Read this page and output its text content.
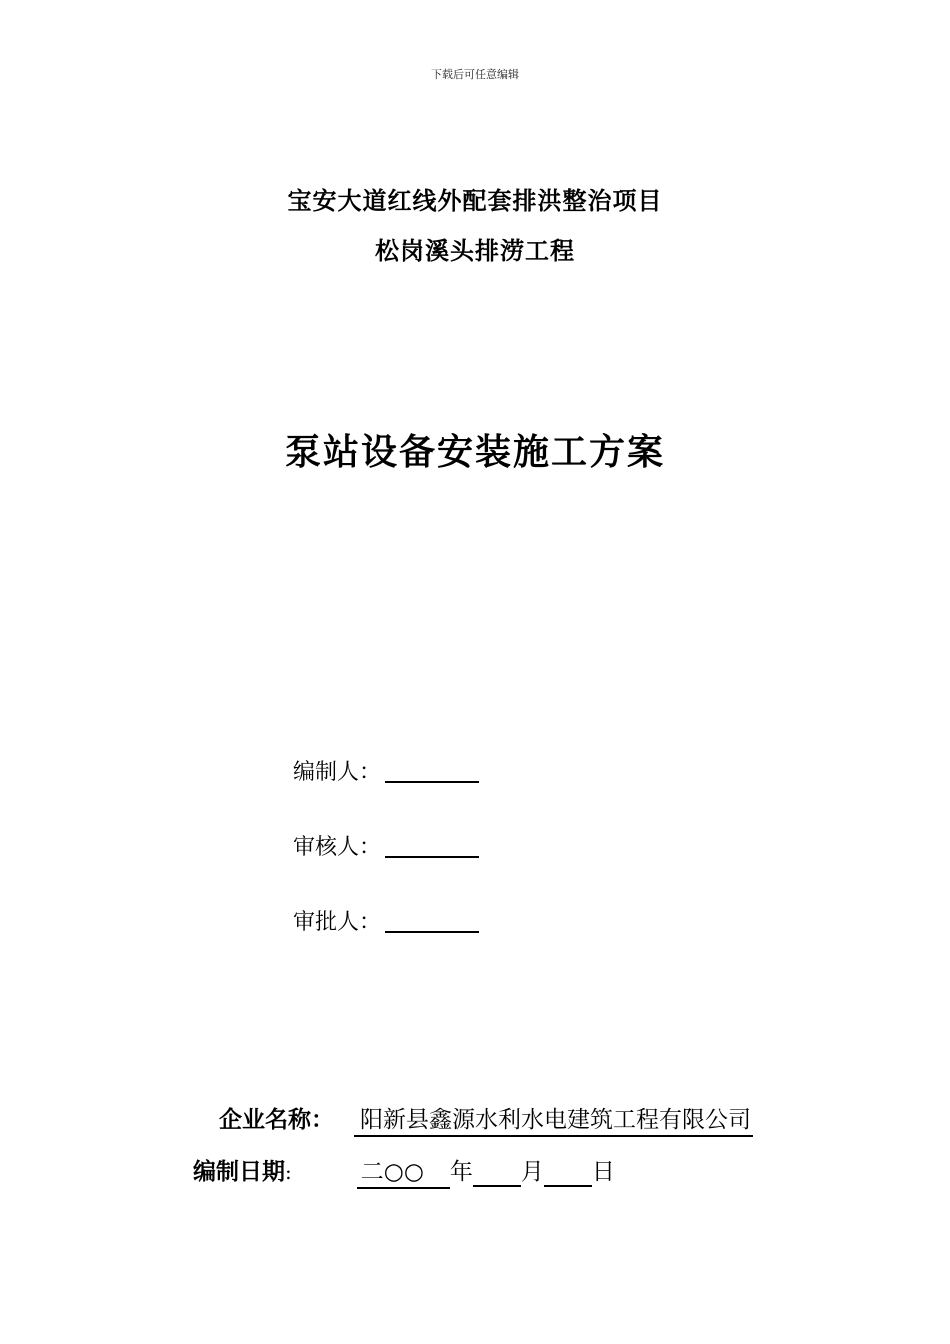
下载后可任意编辑
宝安大道红线外配套排洪整治项目
松岗溪头排涝工程
泵站设备安装施工方案
编制人：
审核人：
审批人：
企业名称 ： 阳新县鑫源水利水电建筑工程有限公司
编制日期 :	二○○	年
月
日
